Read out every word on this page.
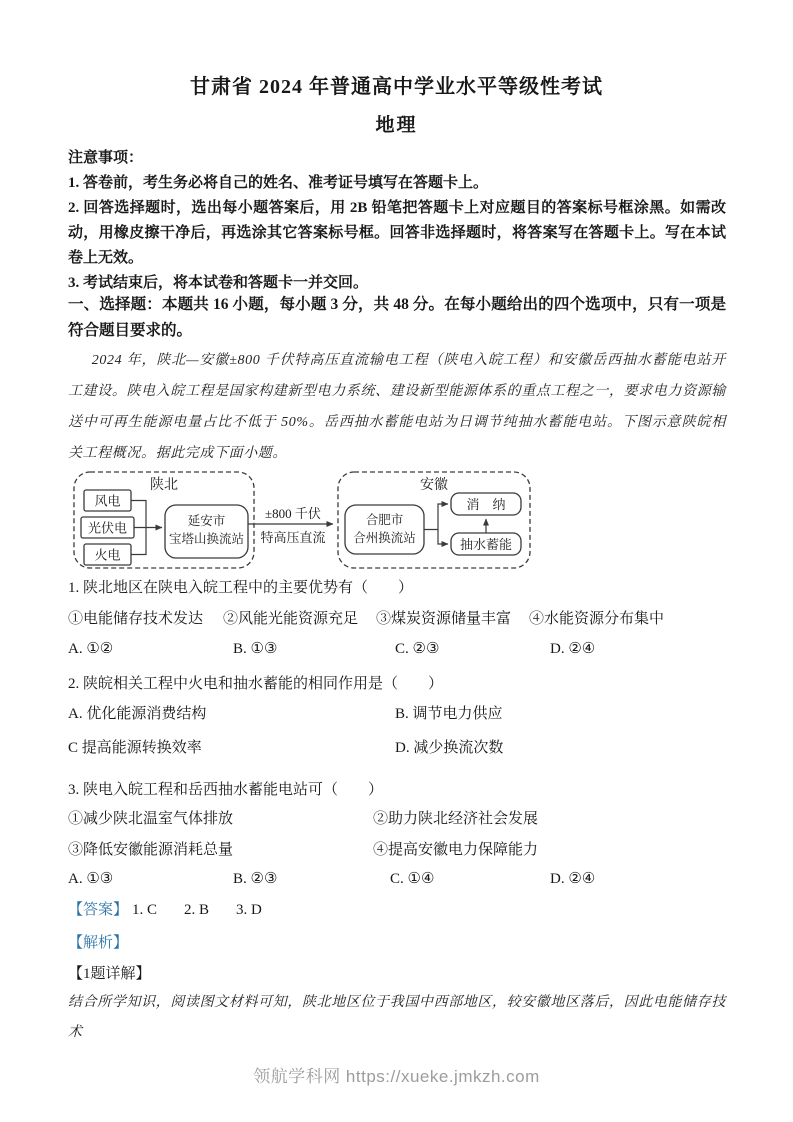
甘肃省 2024 年普通高中学业水平等级性考试
地理
注意事项：
1. 答卷前，考生务必将自己的姓名、准考证号填写在答题卡上。
2. 回答选择题时，选出每小题答案后，用 2B 铅笔把答题卡上对应题目的答案标号框涂黑。如需改动，用橡皮擦干净后，再选涂其它答案标号框。回答非选择题时，将答案写在答题卡上。写在本试卷上无效。
3. 考试结束后，将本试卷和答题卡一并交回。
一、选择题：本题共 16 小题，每小题 3 分，共 48 分。在每小题给出的四个选项中，只有一项是符合题目要求的。
2024 年，陕北—安徽±800 千伏特高压直流输电工程（陕电入皖工程）和安徽岳西抽水蓄能电站开工建设。陕电入皖工程是国家构建新型电力系统、建设新型能源体系的重点工程之一，要求电力资源输送中可再生能源电量占比不低于 50%。岳西抽水蓄能电站为日调节纯抽水蓄能电站。下图示意陕皖相关工程概况。据此完成下面小题。
陕北
风电
光伏电
火电
延安市
宝塔山换流站
±800 千伏
特高压直流
安徽
合肥市
合州换流站
消　纳
抽水蓄能
1. 陕北地区在陕电入皖工程中的主要优势有（　　）
①电能储存技术发达 ②风能光能资源充足 ③煤炭资源储量丰富 ④水能资源分布集中
A. ①②	B. ①③	C. ②③	D. ②④
2. 陕皖相关工程中火电和抽水蓄能的相同作用是（　　）
A. 优化能源消费结构	B. 调节电力供应
C 提高能源转换效率	D. 减少换流次数
3. 陕电入皖工程和岳西抽水蓄能电站可（　　）
①减少陕北温室气体排放	②助力陕北经济社会发展
③降低安徽能源消耗总量	④提高安徽电力保障能力
A. ①③	B. ②③	C. ①④	D. ②④
【答案】 1. C 2. B 3. D
【解析】
【1题详解】
结合所学知识，阅读图文材料可知，陕北地区位于我国中西部地区，较安徽地区落后，因此电能储存技术
领航学科网 https://xueke.jmkzh.com
